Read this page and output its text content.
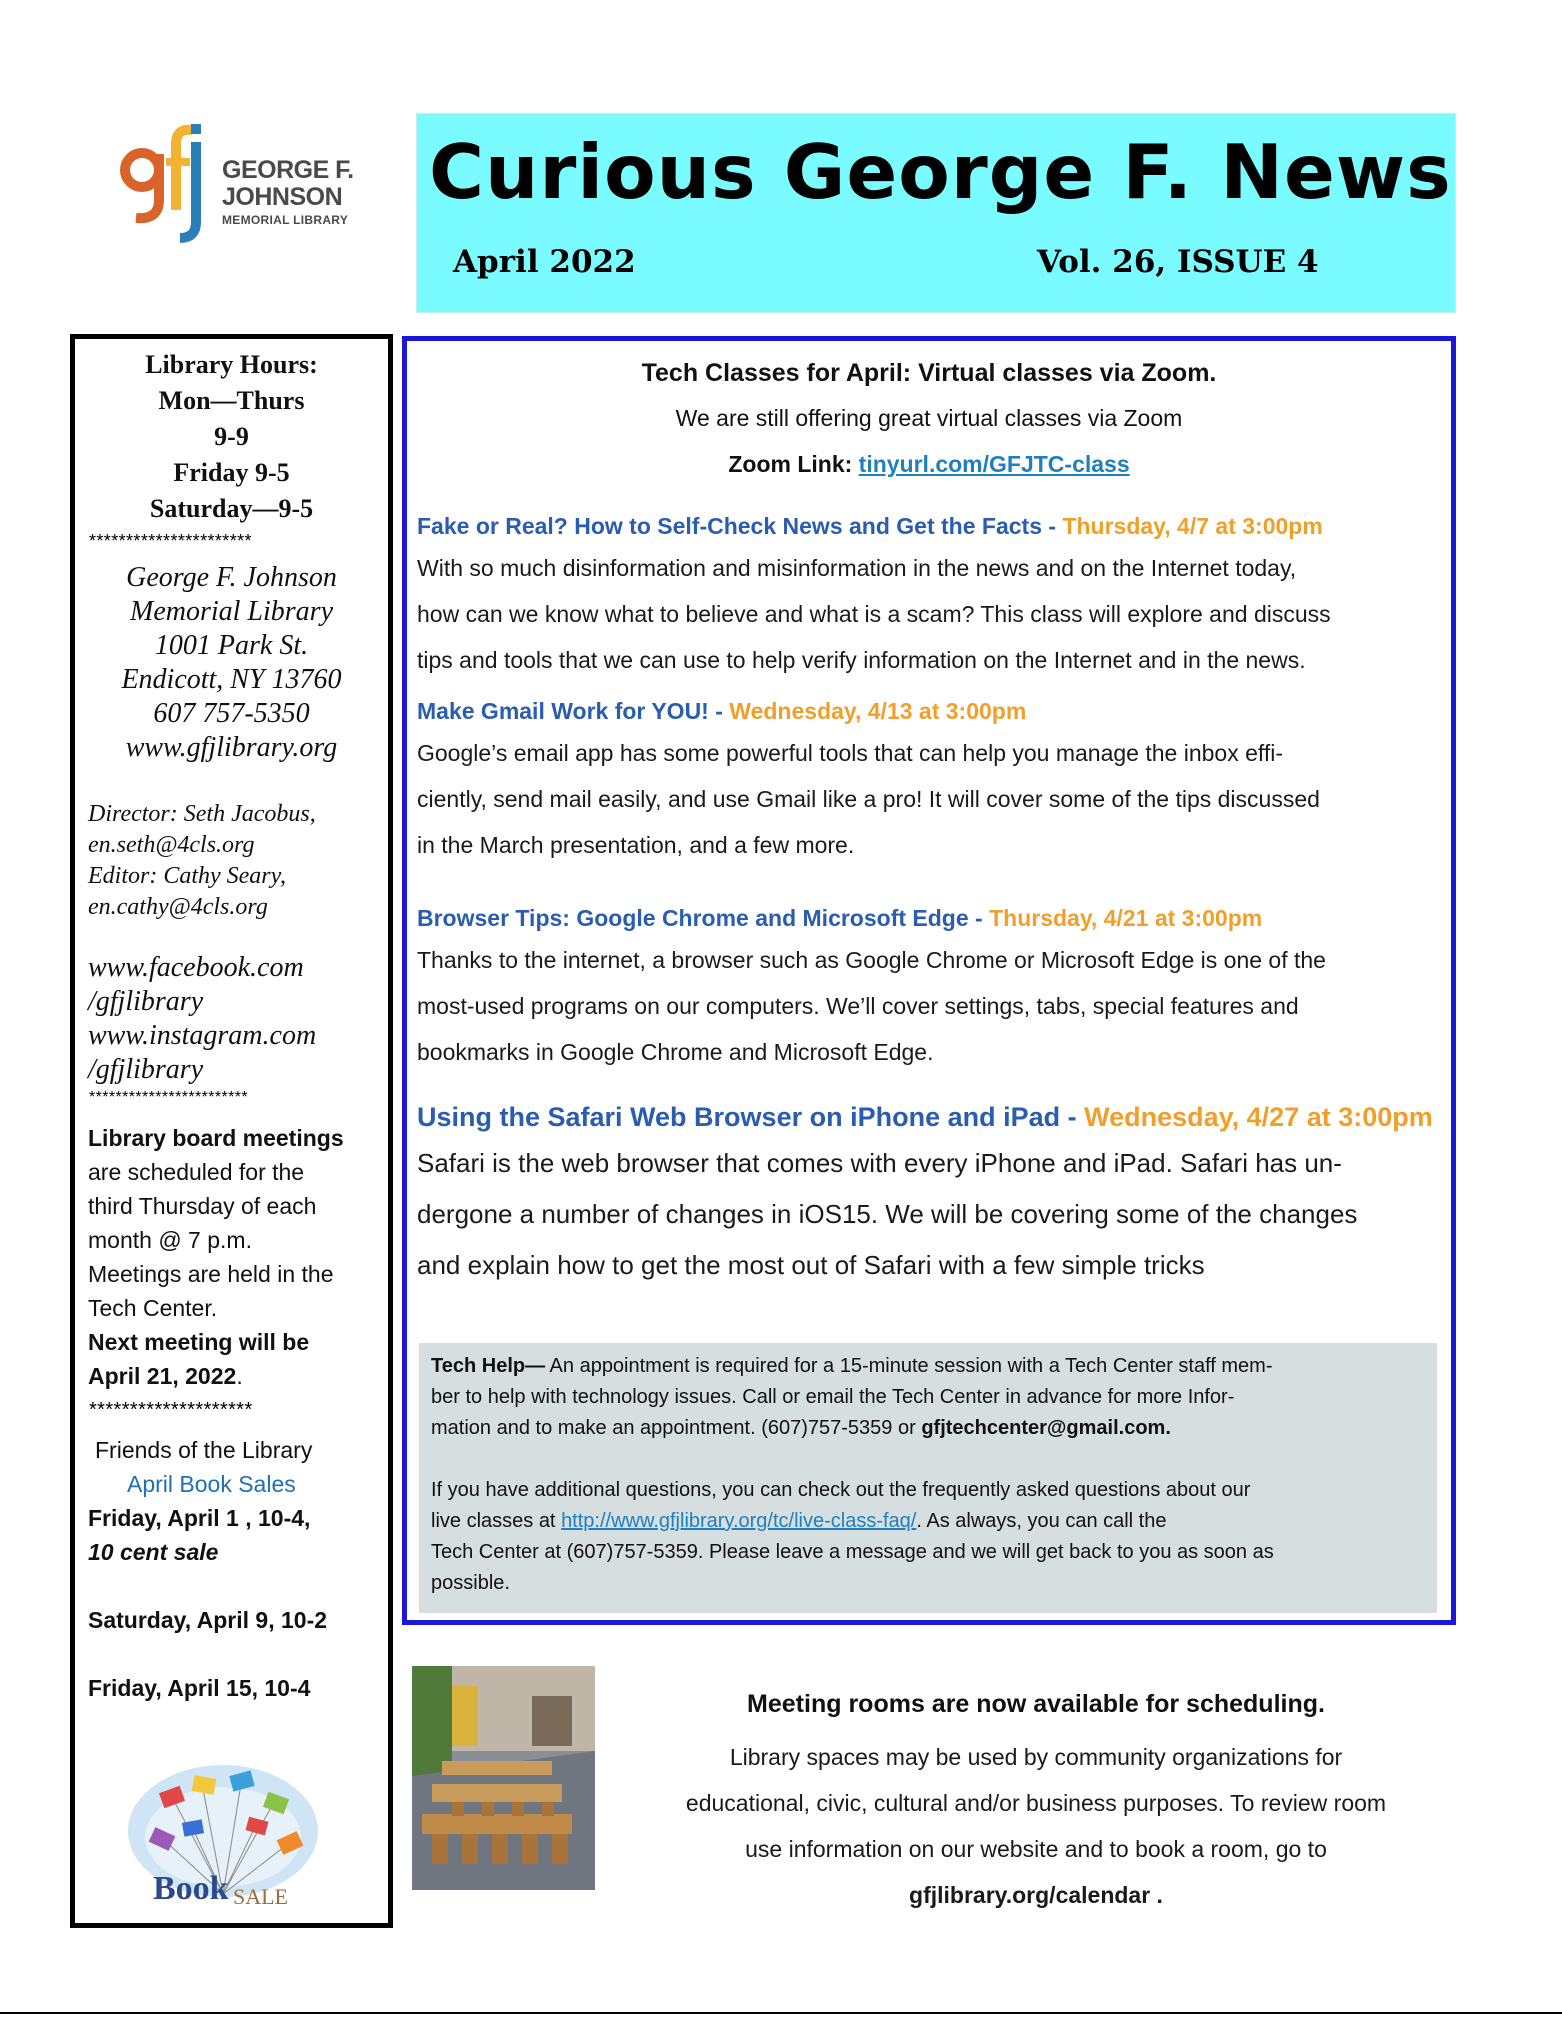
GEORGE F.
JOHNSON
MEMORIAL LIBRARY
Curious George F. News
April 2022	Vol. 26, ISSUE 4
Library Hours:
Mon—Thurs
9-9
Friday 9-5
Saturday—9-5
**********************
George F. Johnson
Memorial Library
1001 Park St.
Endicott, NY 13760
607 757-5350
www.gfjlibrary.org
Director: Seth Jacobus,
en.seth@4cls.org
Editor: Cathy Seary,
en.cathy@4cls.org
www.facebook.com
/gfjlibrary
www.instagram.com
/gfjlibrary
************************
Library board meetings
are scheduled for the
third Thursday of each
month @ 7 p.m.
Meetings are held in the
Tech Center.
Next meeting will be
April 21, 2022.
********************
Friends of the Library
April Book Sales
Friday, April 1 , 10-4,
10 cent sale
Saturday, April 9, 10-2
Friday, April 15, 10-4
Book SALE
Tech Classes for April: Virtual classes via Zoom.
We are still offering great virtual classes via Zoom
Zoom Link: tinyurl.com/GFJTC-class
Fake or Real? How to Self-Check News and Get the Facts - Thursday, 4/7 at 3:00pm
With so much disinformation and misinformation in the news and on the Internet today,
how can we know what to believe and what is a scam? This class will explore and discuss
tips and tools that we can use to help verify information on the Internet and in the news.
Make Gmail Work for YOU! - Wednesday, 4/13 at 3:00pm
Google’s email app has some powerful tools that can help you manage the inbox effi-
ciently, send mail easily, and use Gmail like a pro! It will cover some of the tips discussed
in the March presentation, and a few more.
Browser Tips: Google Chrome and Microsoft Edge - Thursday, 4/21 at 3:00pm
Thanks to the internet, a browser such as Google Chrome or Microsoft Edge is one of the
most-used programs on our computers. We’ll cover settings, tabs, special features and
bookmarks in Google Chrome and Microsoft Edge.
Using the Safari Web Browser on iPhone and iPad - Wednesday, 4/27 at 3:00pm
Safari is the web browser that comes with every iPhone and iPad. Safari has un-
dergone a number of changes in iOS15. We will be covering some of the changes
and explain how to get the most out of Safari with a few simple tricks
Tech Help— An appointment is required for a 15-minute session with a Tech Center staff mem-
ber to help with technology issues. Call or email the Tech Center in advance for more Infor-
mation and to make an appointment. (607)757-5359 or gfjtechcenter@gmail.com.
If you have additional questions, you can check out the frequently asked questions about our
live classes at http://www.gfjlibrary.org/tc/live-class-faq/. As always, you can call the
Tech Center at (607)757-5359. Please leave a message and we will get back to you as soon as
possible.
Meeting rooms are now available for scheduling.
Library spaces may be used by community organizations for
educational, civic, cultural and/or business purposes. To review room
use information on our website and to book a room, go to
gfjlibrary.org/calendar .
